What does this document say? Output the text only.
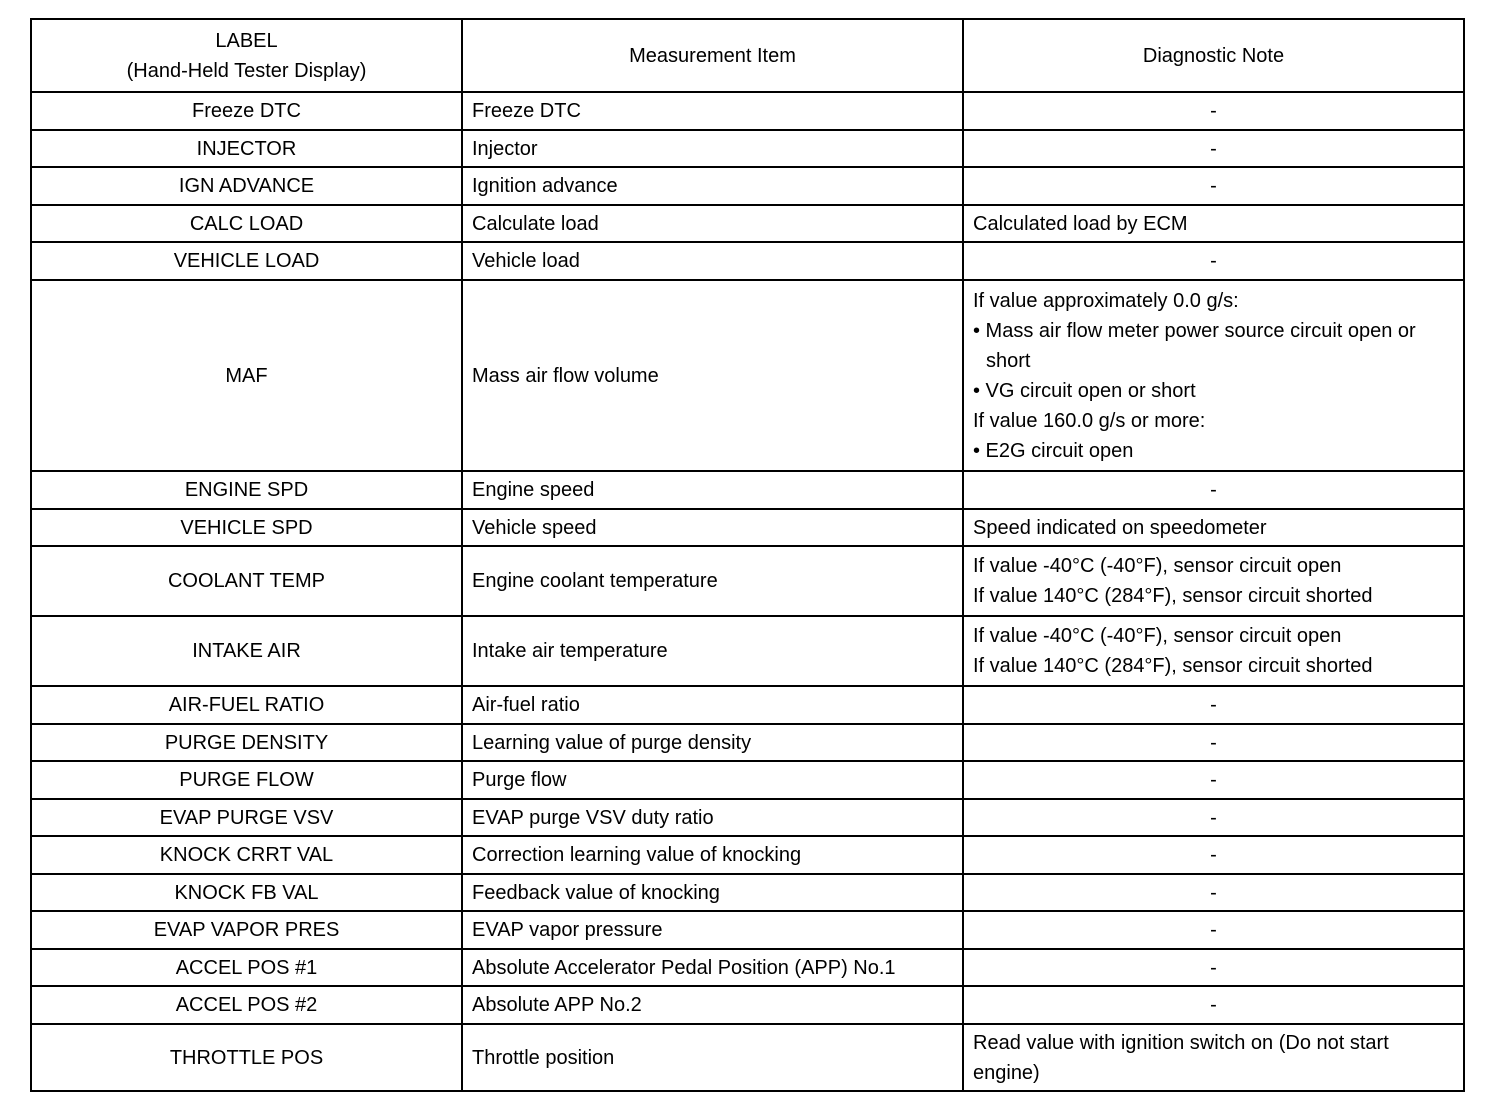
LABEL
(Hand-Held Tester Display)	Measurement Item	Diagnostic Note
Freeze DTC	Freeze DTC	-

INJECTOR	Injector	-

IGN ADVANCE	Ignition advance	-

CALC LOAD	Calculate load	Calculated load by ECM

VEHICLE LOAD	Vehicle load	-

MAF	Mass air flow volume	If value approximately 0.0 g/s:
• Mass air flow meter power source circuit open or short
• VG circuit open or short
If value 160.0 g/s or more:
• E2G circuit open

ENGINE SPD	Engine speed	-

VEHICLE SPD	Vehicle speed	Speed indicated on speedometer

COOLANT TEMP	Engine coolant temperature	If value -40°C (-40°F), sensor circuit open
If value 140°C (284°F), sensor circuit shorted

INTAKE AIR	Intake air temperature	If value -40°C (-40°F), sensor circuit open
If value 140°C (284°F), sensor circuit shorted

AIR-FUEL RATIO	Air-fuel ratio	-

PURGE DENSITY	Learning value of purge density	-

PURGE FLOW	Purge flow	-

EVAP PURGE VSV	EVAP purge VSV duty ratio	-

KNOCK CRRT VAL	Correction learning value of knocking	-

KNOCK FB VAL	Feedback value of knocking	-

EVAP VAPOR PRES	EVAP vapor pressure	-

ACCEL POS #1	Absolute Accelerator Pedal Position (APP) No.1	-

ACCEL POS #2	Absolute APP No.2	-

THROTTLE POS	Throttle position	Read value with ignition switch on (Do not start engine)
